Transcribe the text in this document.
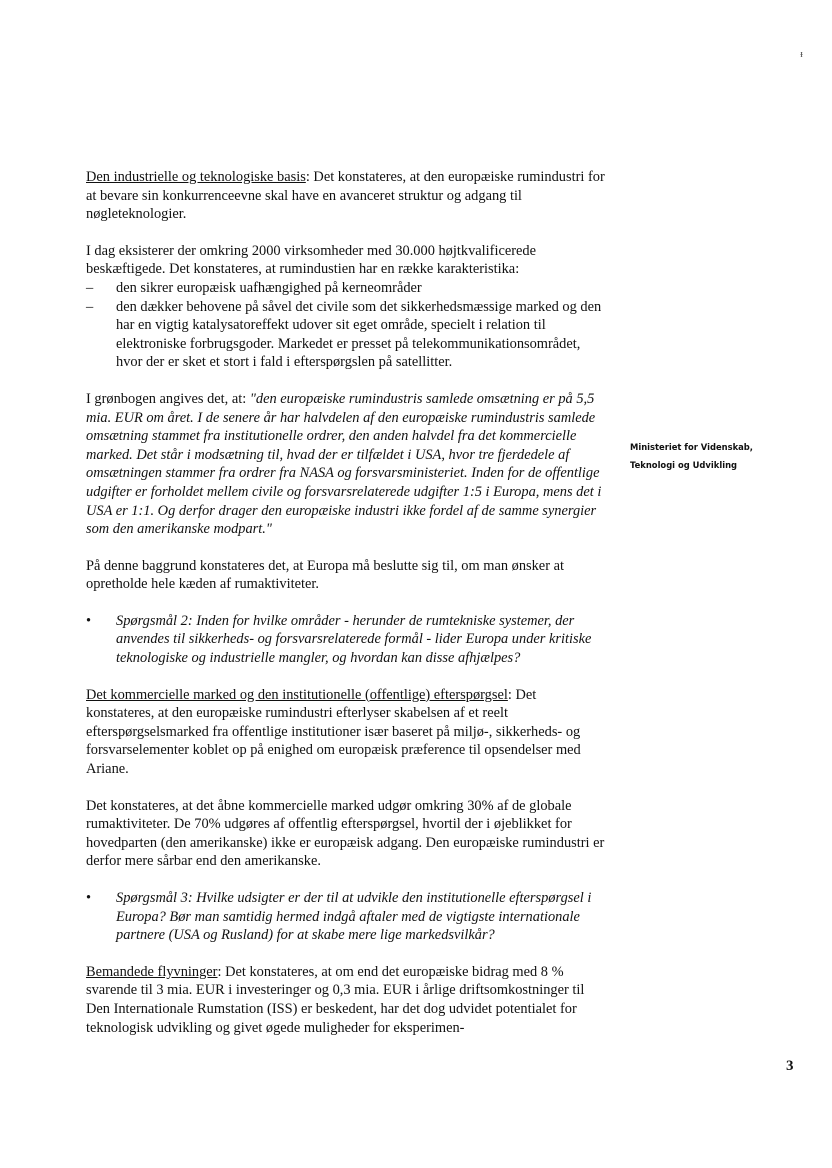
ᵻ

Den industrielle og teknologiske basis: Det konstateres, at den europæiske rumindustri for at bevare sin konkurrenceevne skal have en avanceret struktur og adgang til nøgleteknologier.

I dag eksisterer der omkring 2000 virksomheder med 30.000 højtkvalificerede beskæftigede. Det konstateres, at rumindustien har en række karakteristika:

– den sikrer europæisk uafhængighed på kerneområder
– den dækker behovene på såvel det civile som det sikkerhedsmæssige marked og den har en vigtig katalysatoreffekt udover sit eget område, specielt i relation til elektroniske forbrugsgoder. Markedet er presset på telekommunikationsområdet, hvor der er sket et stort i fald i efterspørgslen på satellitter.

I grønbogen angives det, at: "den europæiske rumindustris samlede omsætning er på 5,5 mia. EUR om året. I de senere år har halvdelen af den europæiske rumindustris samlede omsætning stammet fra institutionelle ordrer, den anden halvdel fra det kommercielle marked. Det står i modsætning til, hvad der er tilfældet i USA, hvor tre fjerdedele af omsætningen stammer fra ordrer fra NASA og forsvarsministeriet. Inden for de offentlige udgifter er forholdet mellem civile og forsvarsrelaterede udgifter 1:5 i Europa, mens det i USA er 1:1. Og derfor drager den europæiske industri ikke fordel af de samme synergier som den amerikanske modpart."

På denne baggrund konstateres det, at Europa må beslutte sig til, om man ønsker at opretholde hele kæden af rumaktiviteter.

• Spørgsmål 2: Inden for hvilke områder - herunder de rumtekniske systemer, der anvendes til sikkerheds- og forsvarsrelaterede formål - lider Europa under kritiske teknologiske og industrielle mangler, og hvordan kan disse afhjælpes?

Det kommercielle marked og den institutionelle (offentlige) efterspørgsel: Det konstateres, at den europæiske rumindustri efterlyser skabelsen af et reelt efterspørgselsmarked fra offentlige institutioner især baseret på miljø-, sikkerheds- og forsvarselementer koblet op på enighed om europæisk præference til opsendelser med Ariane.

Det konstateres, at det åbne kommercielle marked udgør omkring 30% af de globale rumaktiviteter. De 70% udgøres af offentlig efterspørgsel, hvortil der i øjeblikket for hovedparten (den amerikanske) ikke er europæisk adgang. Den europæiske rumindustri er derfor mere sårbar end den amerikanske.

• Spørgsmål 3: Hvilke udsigter er der til at udvikle den institutionelle efterspørgsel i Europa? Bør man samtidig hermed indgå aftaler med de vigtigste internationale partnere (USA og Rusland) for at skabe mere lige markedsvilkår?

Bemandede flyvninger: Det konstateres, at om end det europæiske bidrag med 8 % svarende til 3 mia. EUR i investeringer og 0,3 mia. EUR i årlige driftsomkostninger til Den Internationale Rumstation (ISS) er beskedent, har det dog udvidet potentialet for teknologisk udvikling og givet øgede muligheder for eksperimen-

Ministeriet for Videnskab,
Teknologi og Udvikling
3
